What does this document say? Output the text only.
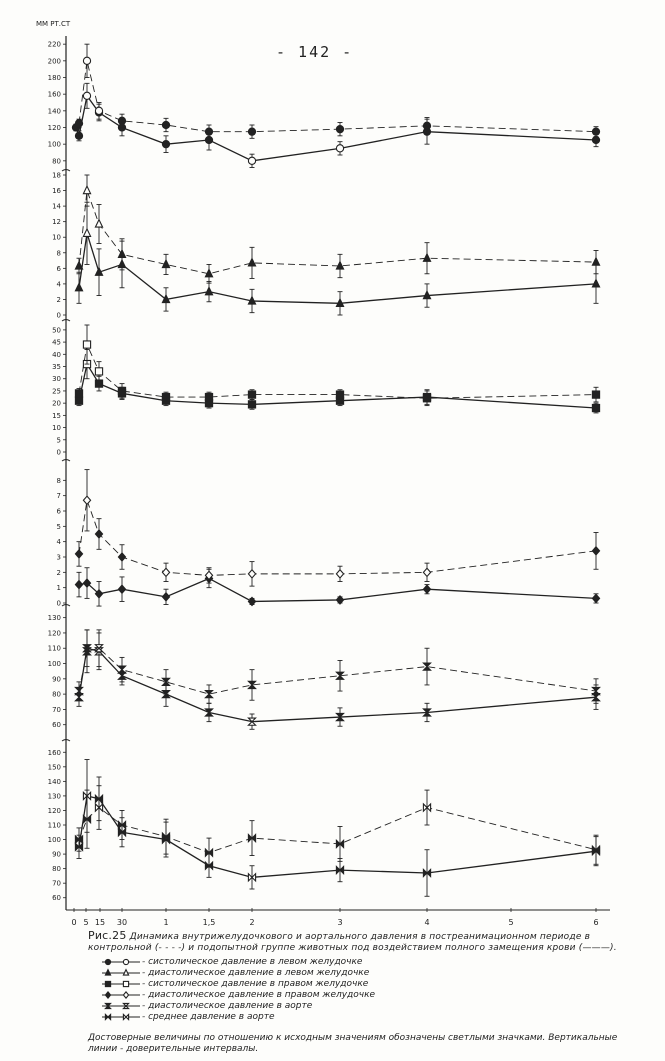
0 5 15 30	1	1,5	2	3	4	5	6
80
100
120
140
160
180
200
220
0
2
4
6
8
10
12
14
16
18
0
5
10
15
20
25
30
35
40
45
50
0
1
2
3
4
5
6
7
8
60
70
80
90
100
110
120
130
60
70
80
90
100
110
120
130
140
150
160
ММ РТ.СТ
- 142 -
Рис.25 Динамика внутрижелудочкового и аортального давления в постреанимационном периоде в контрольной (- - - -) и подопытной группе животных под воздействием полного замещения крови (———).
- систолическое давление в левом желудочке
- диастолическое давление в левом желудочке
- систолическое давление в правом желудочке
- диастолическое давление в правом желудочке
- диастолическое давление в аорте
- среднее давление в аорте
Достоверные величины по отношению к исходным значениям обозначены светлыми значками. Вертикальные линии - доверительные интервалы.
